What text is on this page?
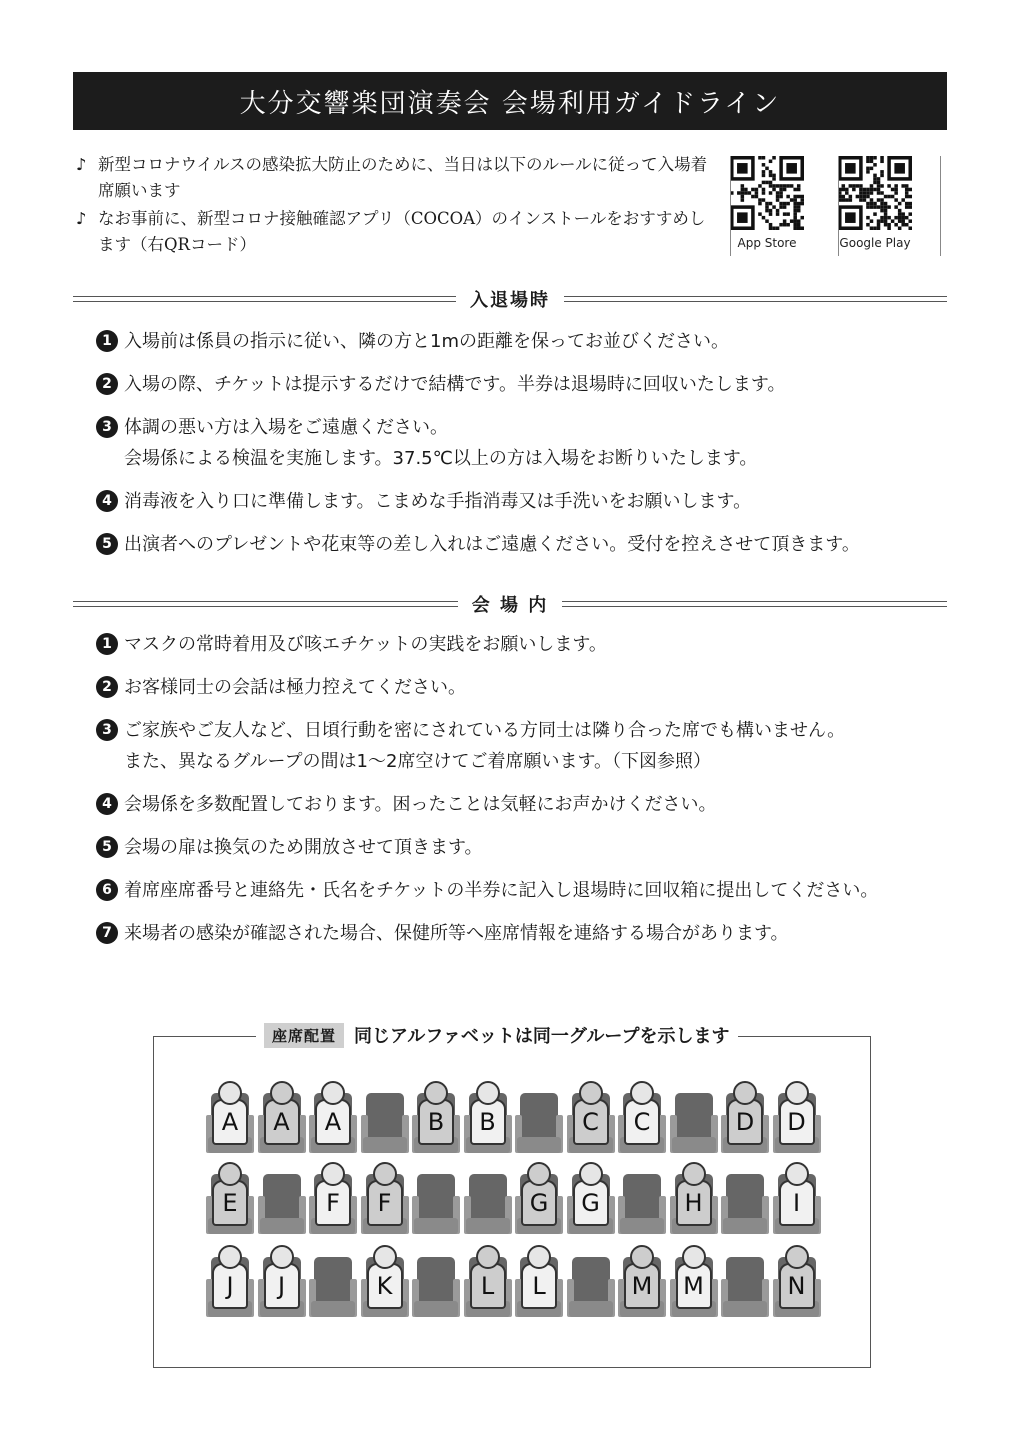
大分交響楽団演奏会 会場利用ガイドライン
♪ 新型コロナウイルスの感染拡大防止のために、当日は以下のルールに従って入場着席願います
♪ なお事前に、新型コロナ接触確認アプリ（COCOA）のインストールをおすすめします（右QRコード）	App Store	Google Play
入退場時
1 入場前は係員の指示に従い、隣の方と1mの距離を保ってお並びください。
2 入場の際、チケットは提示するだけで結構です。半券は退場時に回収いたします。
3 体調の悪い方は入場をご遠慮ください。
会場係による検温を実施します。37.5℃以上の方は入場をお断りいたします。
4 消毒液を入り口に準備します。こまめな手指消毒又は手洗いをお願いします。
5 出演者へのプレゼントや花束等の差し入れはご遠慮ください。受付を控えさせて頂きます。
会 場 内
1 マスクの常時着用及び咳エチケットの実践をお願いします。
2 お客様同士の会話は極力控えてください。
3 ご家族やご友人など、日頃行動を密にされている方同士は隣り合った席でも構いません。
また、異なるグループの間は1～2席空けてご着席願います。（下図参照）
4 会場係を多数配置しております。困ったことは気軽にお声かけください。
5 会場の扉は換気のため開放させて頂きます。
6 着席座席番号と連絡先・氏名をチケットの半券に記入し退場時に回収箱に提出してください。
7 来場者の感染が確認された場合、保健所等へ座席情報を連絡する場合があります。
A	A	A	B	B	C	C	D	D
E	F	F	G	G	H	I
J	J	K	L	L	M	M	N
座席配置	同じアルファベットは同一グループを示します
